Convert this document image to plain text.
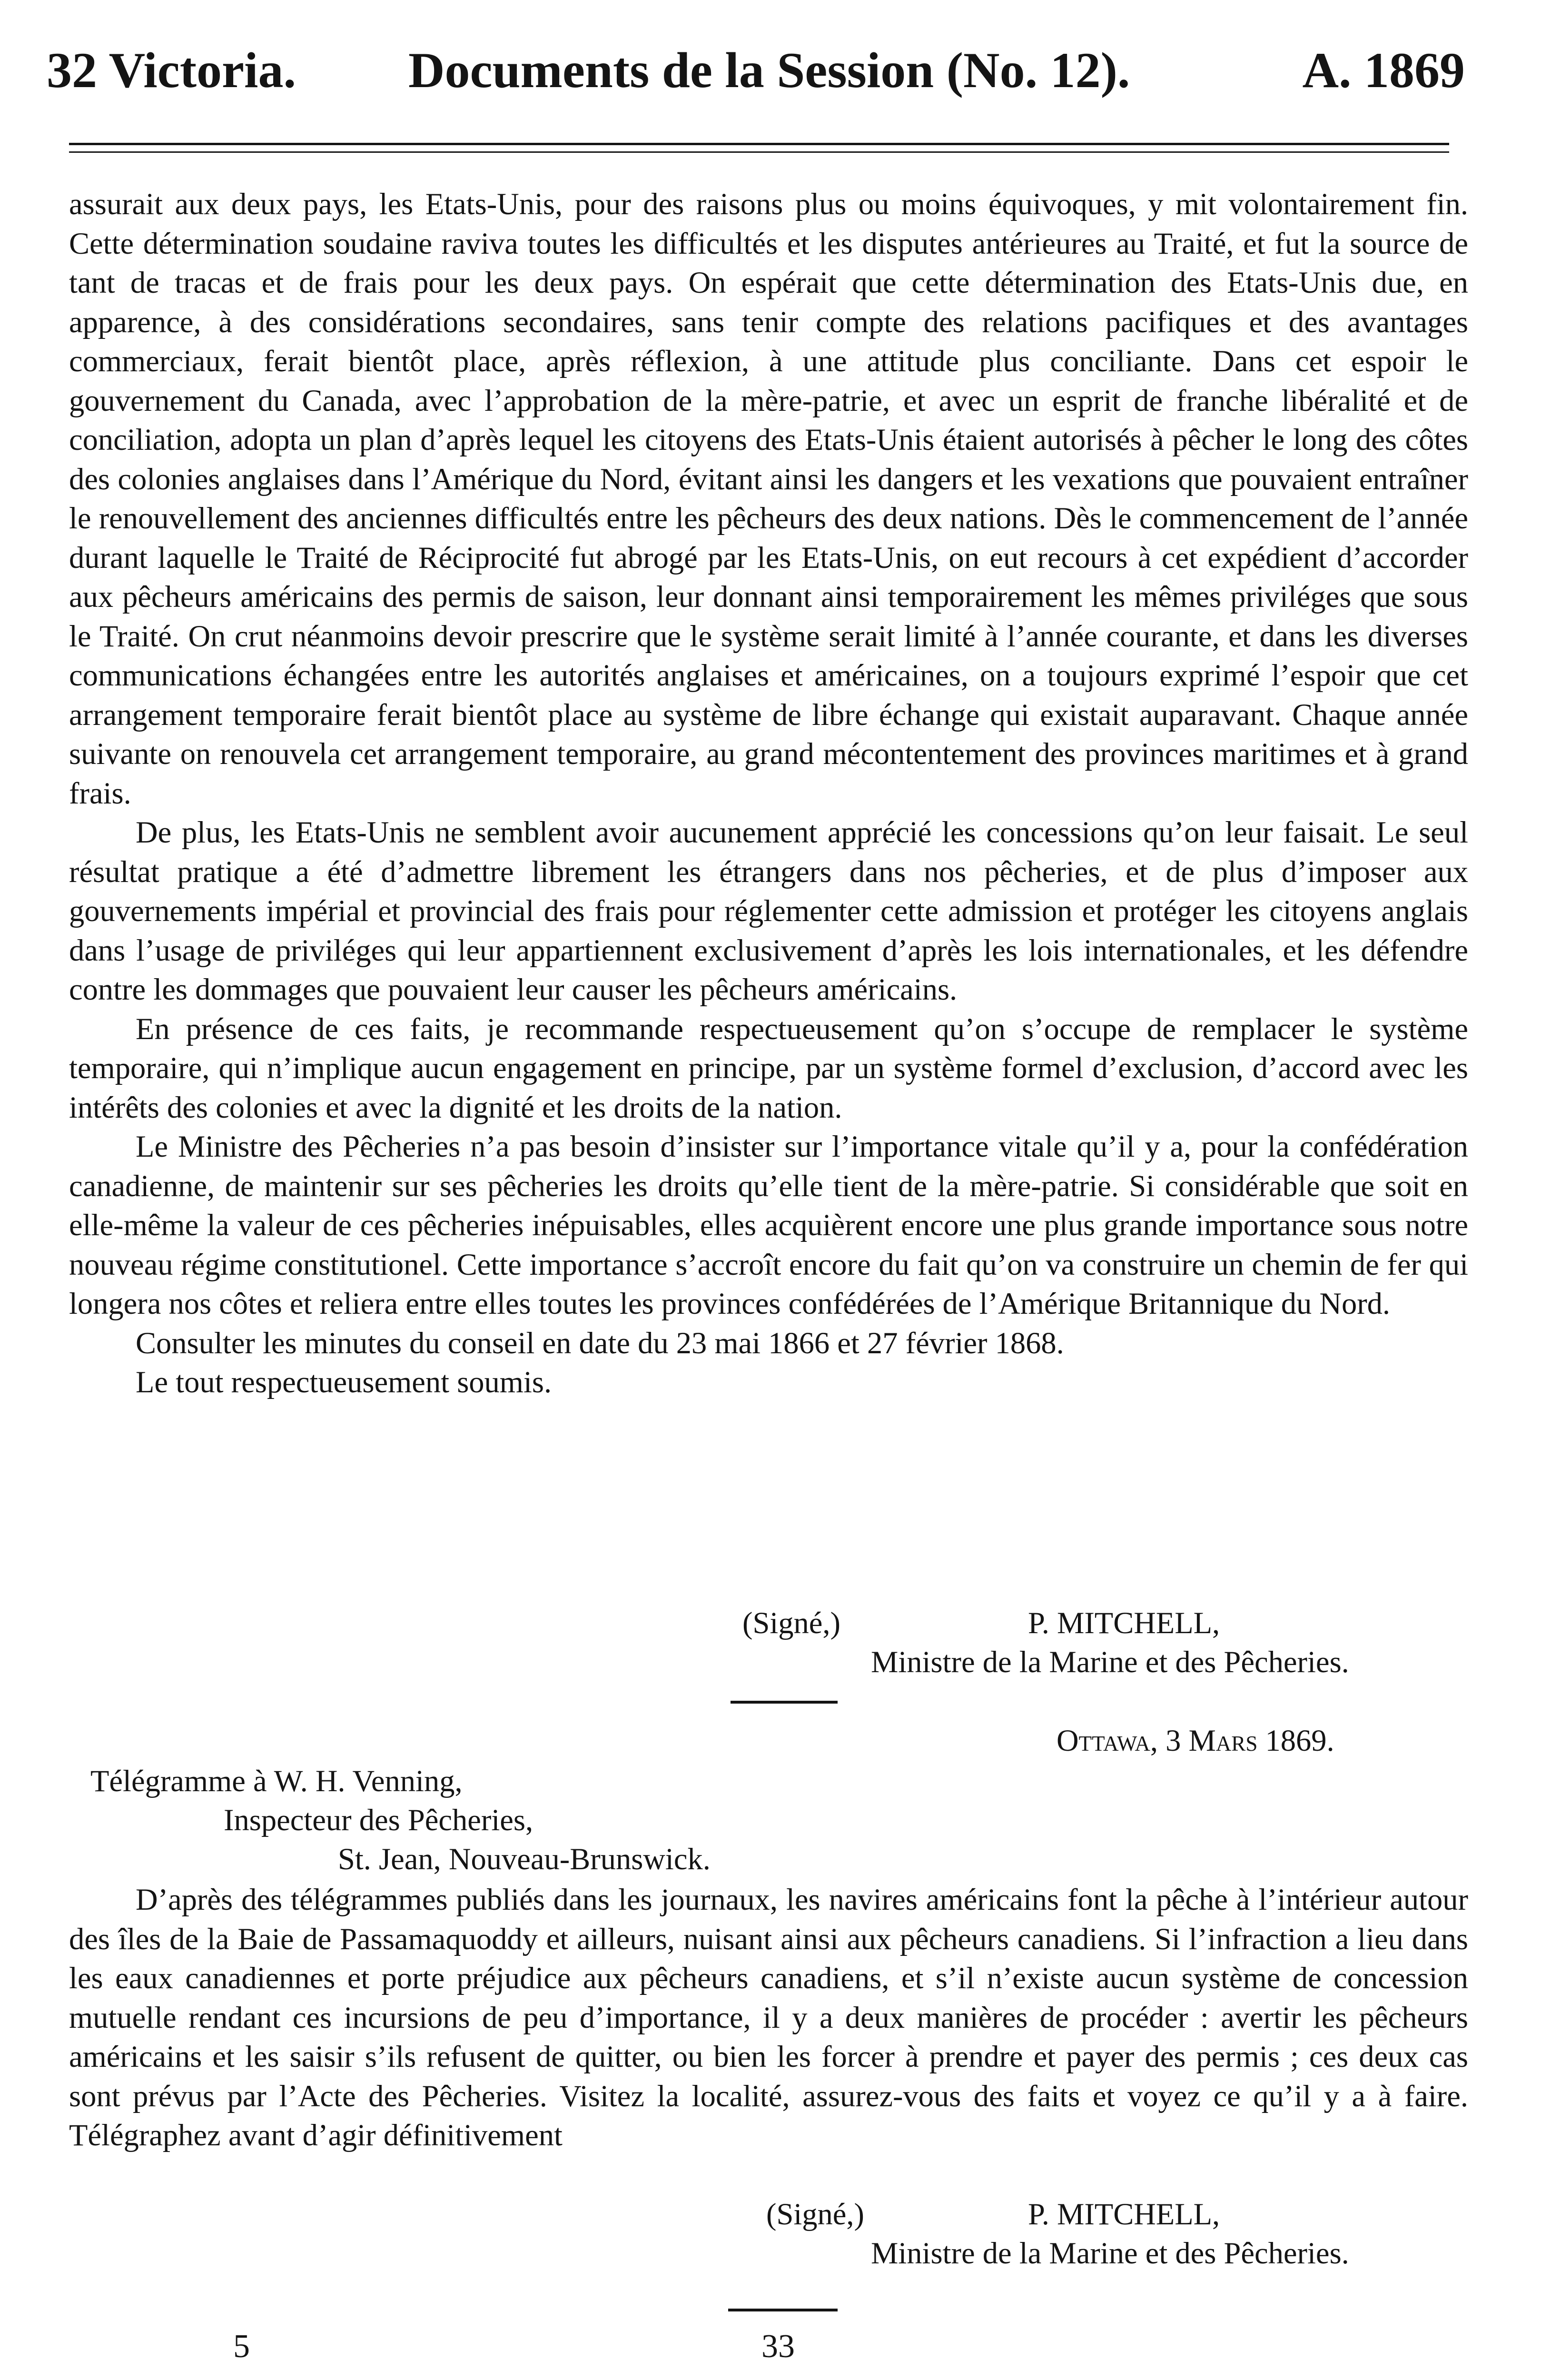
32 Victoria. Documents de la Session (No. 12).	A. 1869

assurait aux deux pays, les Etats-Unis, pour des raisons plus ou moins équivoques, y mit volontairement fin. Cette détermination soudaine raviva toutes les difficultés et les disputes antérieures au Traité, et fut la source de tant de tracas et de frais pour les deux pays. On espérait que cette détermination des Etats-Unis due, en apparence, à des considérations secondaires, sans tenir compte des relations pacifiques et des avantages commerciaux, ferait bientôt place, après réflexion, à une attitude plus conciliante. Dans cet espoir le gouvernement du Canada, avec l’approbation de la mère-patrie, et avec un esprit de franche libéralité et de conciliation, adopta un plan d’après lequel les citoyens des Etats-Unis étaient autorisés à pêcher le long des côtes des colonies anglaises dans l’Amérique du Nord, évitant ainsi les dangers et les vexations que pouvaient entraîner le renouvellement des anciennes difficultés entre les pêcheurs des deux nations. Dès le commencement de l’année durant laquelle le Traité de Réciprocité fut abrogé par les Etats-Unis, on eut recours à cet expédient d’accorder aux pêcheurs américains des permis de saison, leur donnant ainsi temporairement les mêmes priviléges que sous le Traité. On crut néanmoins devoir prescrire que le système serait limité à l’année courante, et dans les diverses communications échangées entre les autorités anglaises et américaines, on a toujours exprimé l’espoir que cet arrangement temporaire ferait bientôt place au système de libre échange qui existait auparavant. Chaque année suivante on renouvela cet arrangement temporaire, au grand mécontentement des provinces maritimes et à grand frais.

De plus, les Etats-Unis ne semblent avoir aucunement apprécié les concessions qu’on leur faisait. Le seul résultat pratique a été d’admettre librement les étrangers dans nos pêcheries, et de plus d’imposer aux gouvernements impérial et provincial des frais pour réglementer cette admission et protéger les citoyens anglais dans l’usage de priviléges qui leur appartiennent exclusivement d’après les lois internationales, et les défendre contre les dommages que pouvaient leur causer les pêcheurs américains.

En présence de ces faits, je recommande respectueusement qu’on s’occupe de remplacer le système temporaire, qui n’implique aucun engagement en principe, par un système formel d’exclusion, d’accord avec les intérêts des colonies et avec la dignité et les droits de la nation.

Le Ministre des Pêcheries n’a pas besoin d’insister sur l’importance vitale qu’il y a, pour la confédération canadienne, de maintenir sur ses pêcheries les droits qu’elle tient de la mère-patrie. Si considérable que soit en elle-même la valeur de ces pêcheries inépuisables, elles acquièrent encore une plus grande importance sous notre nouveau régime constitutionel. Cette importance s’accroît encore du fait qu’on va construire un chemin de fer qui longera nos côtes et reliera entre elles toutes les provinces confédérées de l’Amérique Britannique du Nord.

Consulter les minutes du conseil en date du 23 mai 1866 et 27 février 1868.

Le tout respectueusement soumis.

(Signé,)	P. MITCHELL,
Ministre de la Marine et des Pêcheries.
Ottawa, 3 Mars 1869.
Télégramme à W. H. Venning,
Inspecteur des Pêcheries,
St. Jean, Nouveau-Brunswick.

D’après des télégrammes publiés dans les journaux, les navires américains font la pêche à l’intérieur autour des îles de la Baie de Passamaquoddy et ailleurs, nuisant ainsi aux pêcheurs canadiens. Si l’infraction a lieu dans les eaux canadiennes et porte préjudice aux pêcheurs canadiens, et s’il n’existe aucun système de concession mutuelle rendant ces incursions de peu d’importance, il y a deux manières de procéder : avertir les pêcheurs américains et les saisir s’ils refusent de quitter, ou bien les forcer à prendre et payer des permis ; ces deux cas sont prévus par l’Acte des Pêcheries. Visitez la localité, assurez-vous des faits et voyez ce qu’il y a à faire. Télégraphez avant d’agir définitivement

(Signé,)	P. MITCHELL,
Ministre de la Marine et des Pêcheries.
5	33
